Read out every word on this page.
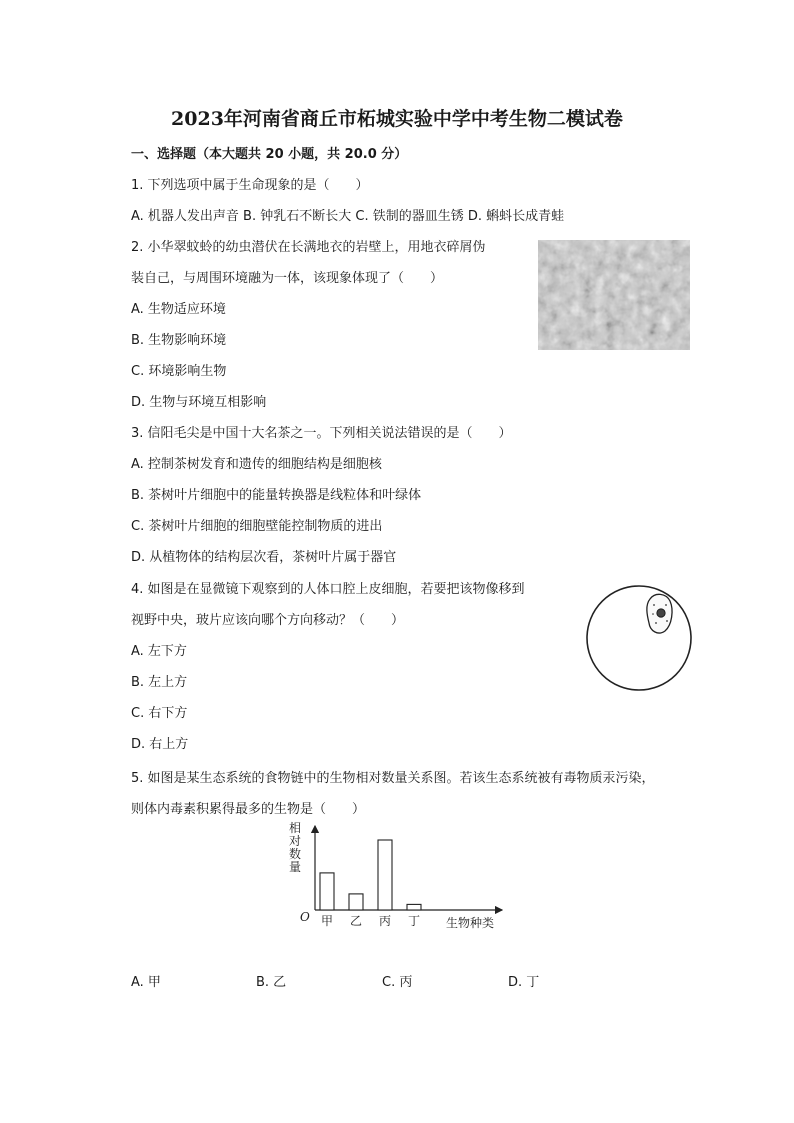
2023年河南省商丘市柘城实验中学中考生物二模试卷
一、选择题（本大题共 20 小题，共 20.0 分）
1. 下列选项中属于生命现象的是（　　）
A. 机器人发出声音 B. 钟乳石不断长大 C. 铁制的器皿生锈 D. 蝌蚪长成青蛙
2. 小华翠蚊蛉的幼虫潜伏在长满地衣的岩壁上，用地衣碎屑伪
装自己，与周围环境融为一体，该现象体现了（　　）
A. 生物适应环境
B. 生物影响环境
C. 环境影响生物
D. 生物与环境互相影响
3. 信阳毛尖是中国十大名茶之一。下列相关说法错误的是（　　）
A. 控制茶树发育和遗传的细胞结构是细胞核
B. 茶树叶片细胞中的能量转换器是线粒体和叶绿体
C. 茶树叶片细胞的细胞壁能控制物质的进出
D. 从植物体的结构层次看，茶树叶片属于器官
4. 如图是在显微镜下观察到的人体口腔上皮细胞，若要把该物像移到
视野中央，玻片应该向哪个方向移动？（　　）
A. 左下方
B. 左上方
C. 右下方
D. 右上方
5. 如图是某生态系统的食物链中的生物相对数量关系图。若该生态系统被有毒物质汞污染，
则体内毒素积累得最多的生物是（　　）
相对数量
O	生物种类
甲 乙 丙 丁
A. 甲	B. 乙	C. 丙	D. 丁
